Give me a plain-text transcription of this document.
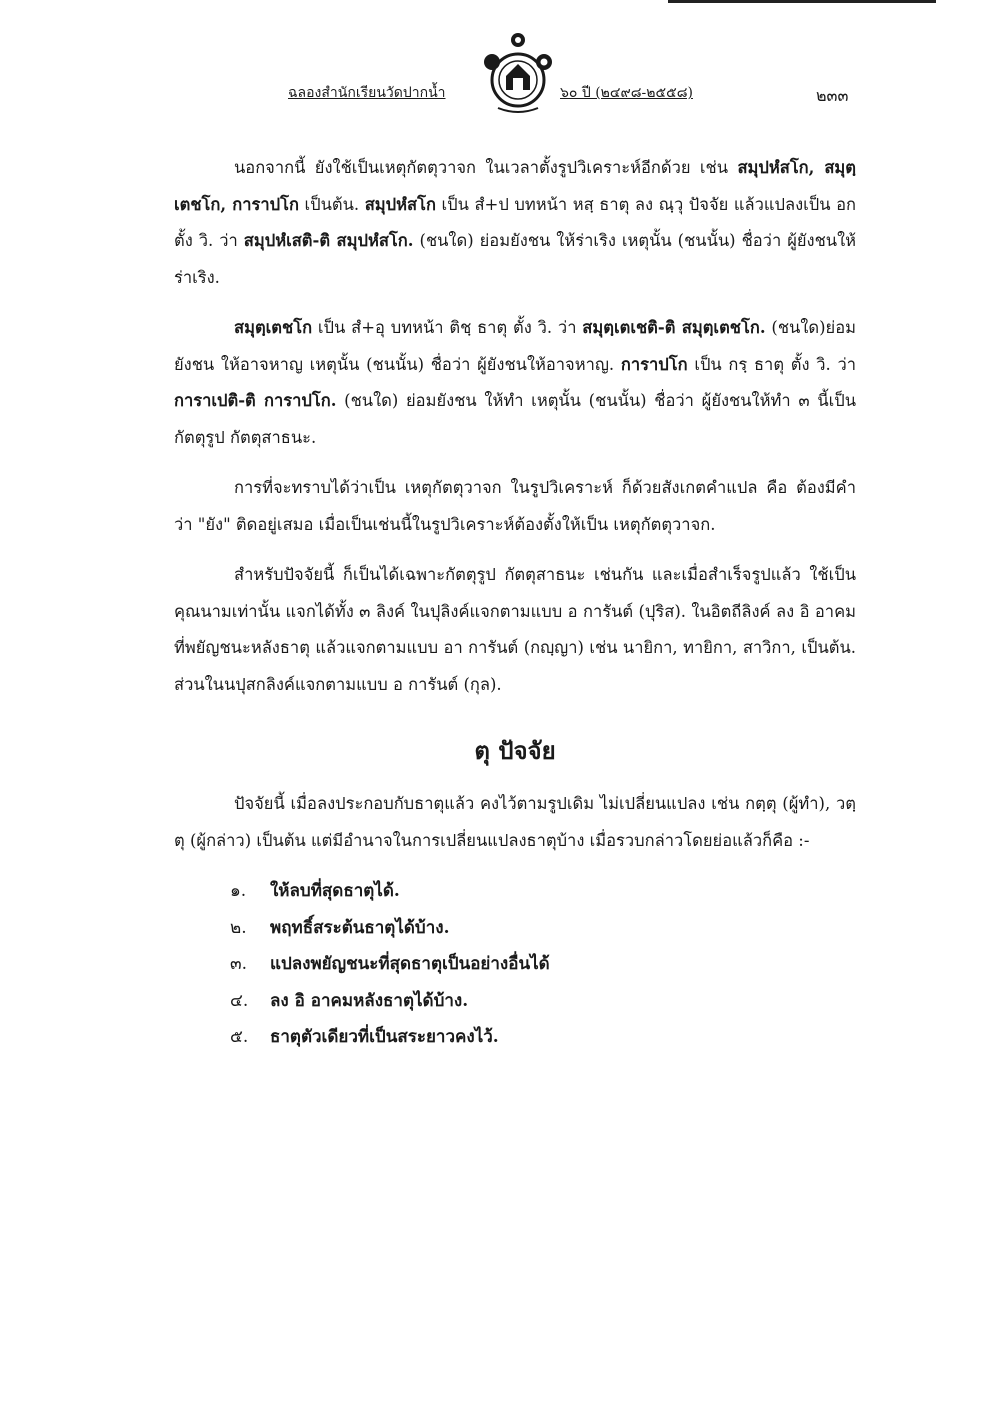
ฉลองสำนักเรียนวัดปากน้ำ	๖๐ ปี (๒๔๙๘-๒๕๕๘)	๒๓๓

นอกจากนี้ ยังใช้เป็นเหตุกัตตุวาจก ในเวลาตั้งรูปวิเคราะห์อีกด้วย เช่น สมุปหํสโก, สมุตฺเตชโก, การาปโก เป็นต้น. สมุปหํสโก เป็น สํ+ป บทหน้า หสฺ ธาตุ ลง ณฺวุ ปัจจัย แล้วแปลงเป็น อก ตั้ง วิ. ว่า สมุปหํเสติ-ติ สมุปหํสโก. (ชนใด) ย่อมยังชน ให้ร่าเริง เหตุนั้น (ชนนั้น) ชื่อว่า ผู้ยังชนให้ร่าเริง.

สมุตฺเตชโก เป็น สํ+อุ บทหน้า ติชฺ ธาตุ ตั้ง วิ. ว่า สมุตฺเตเชติ-ติ สมุตฺเตชโก. (ชนใด)ย่อมยังชน ให้อาจหาญ เหตุนั้น (ชนนั้น) ชื่อว่า ผู้ยังชนให้อาจหาญ. การาปโก เป็น กรฺ ธาตุ ตั้ง วิ. ว่า การาเปติ-ติ การาปโก. (ชนใด) ย่อมยังชน ให้ทำ เหตุนั้น (ชนนั้น) ชื่อว่า ผู้ยังชนให้ทำ ๓ นี้เป็นกัตตุรูป กัตตุสาธนะ.

การที่จะทราบได้ว่าเป็น เหตุกัตตุวาจก ในรูปวิเคราะห์ ก็ด้วยสังเกตคำแปล คือ ต้องมีคำว่า "ยัง" ติดอยู่เสมอ เมื่อเป็นเช่นนี้ในรูปวิเคราะห์ต้องตั้งให้เป็น เหตุกัตตุวาจก.

สำหรับปัจจัยนี้ ก็เป็นได้เฉพาะกัตตุรูป กัตตุสาธนะ เช่นกัน และเมื่อสำเร็จรูปแล้ว ใช้เป็นคุณนามเท่านั้น แจกได้ทั้ง ๓ ลิงค์ ในปุลิงค์แจกตามแบบ อ การันต์ (ปุริส). ในอิตถีลิงค์ ลง อิ อาคมที่พยัญชนะหลังธาตุ แล้วแจกตามแบบ อา การันต์ (กญฺญา) เช่น นายิกา, ทายิกา, สาวิกา, เป็นต้น. ส่วนในนปุสกลิงค์แจกตามแบบ อ การันต์ (กุล).

ตุ ปัจจัย

ปัจจัยนี้ เมื่อลงประกอบกับธาตุแล้ว คงไว้ตามรูปเดิม ไม่เปลี่ยนแปลง เช่น กตฺตุ (ผู้ทำ), วตฺตุ (ผู้กล่าว) เป็นต้น แต่มีอำนาจในการเปลี่ยนแปลงธาตุบ้าง เมื่อรวบกล่าวโดยย่อแล้วก็คือ :-

๑. ให้ลบที่สุดธาตุได้.
๒. พฤทธิ์สระต้นธาตุได้บ้าง.
๓. แปลงพยัญชนะที่สุดธาตุเป็นอย่างอื่นได้
๔. ลง อิ อาคมหลังธาตุได้บ้าง.
๕. ธาตุตัวเดียวที่เป็นสระยาวคงไว้.
